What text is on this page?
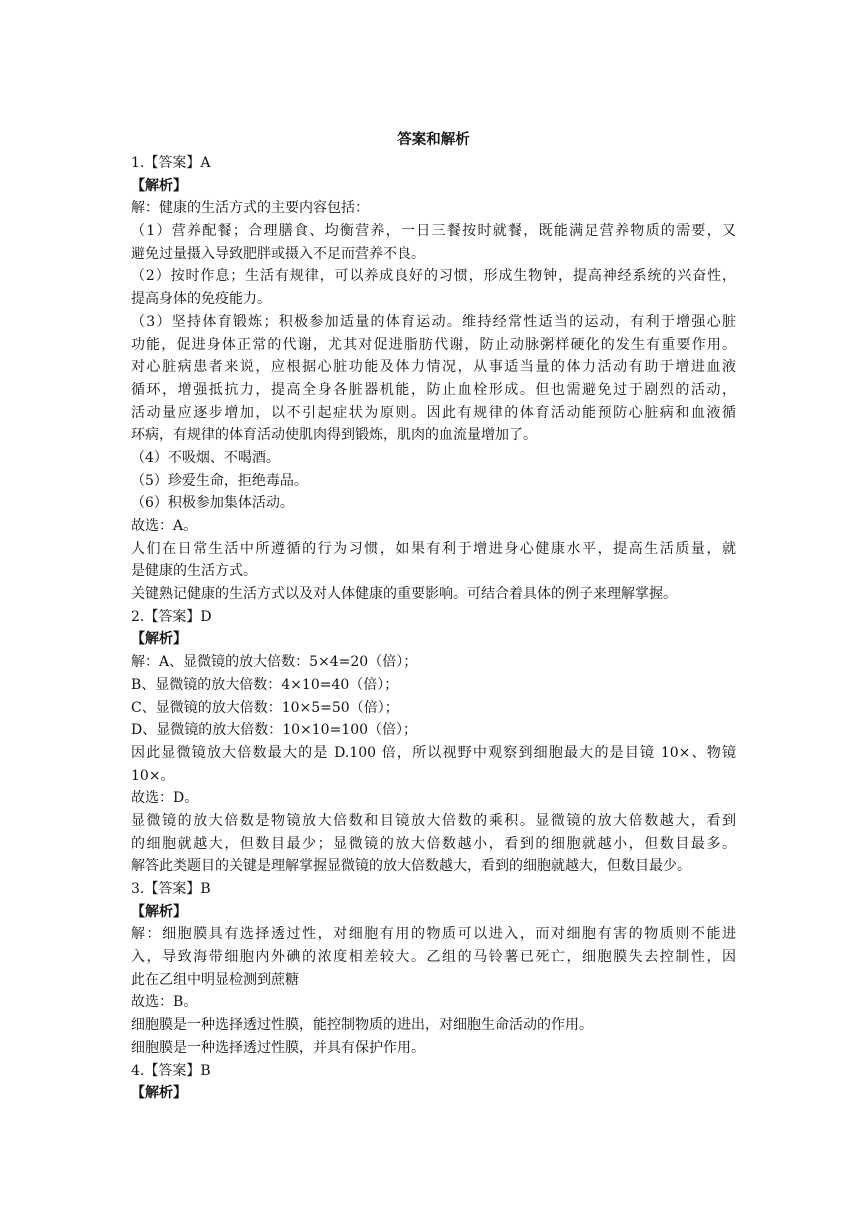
答案和解析
1.【答案】A
【解析】
解：健康的生活方式的主要内容包括：
（1）营养配餐；合理膳食、均衡营养，一日三餐按时就餐，既能满足营养物质的需要，又
避免过量摄入导致肥胖或摄入不足而营养不良。
（2）按时作息；生活有规律，可以养成良好的习惯，形成生物钟，提高神经系统的兴奋性，
提高身体的免疫能力。
（3）坚持体育锻炼；积极参加适量的体育运动。维持经常性适当的运动，有利于增强心脏
功能，促进身体正常的代谢，尤其对促进脂肪代谢，防止动脉粥样硬化的发生有重要作用。
对心脏病患者来说，应根据心脏功能及体力情况，从事适当量的体力活动有助于增进血液
循环，增强抵抗力，提高全身各脏器机能，防止血栓形成。但也需避免过于剧烈的活动，
活动量应逐步增加，以不引起症状为原则。因此有规律的体育活动能预防心脏病和血液循
环病，有规律的体育活动使肌肉得到锻炼，肌肉的血流量增加了。
（4）不吸烟、不喝酒。
（5）珍爱生命，拒绝毒品。
（6）积极参加集体活动。
故选：A。
人们在日常生活中所遵循的行为习惯，如果有利于增进身心健康水平，提高生活质量，就
是健康的生活方式。
关键熟记健康的生活方式以及对人体健康的重要影响。可结合着具体的例子来理解掌握。
2.【答案】D
【解析】
解：A、显微镜的放大倍数：5×4=20（倍）；
B、显微镜的放大倍数：4×10=40（倍）；
C、显微镜的放大倍数：10×5=50（倍）；
D、显微镜的放大倍数：10×10=100（倍）；
因此显微镜放大倍数最大的是 D.100 倍，所以视野中观察到细胞最大的是目镜 10×、物镜
10×。
故选：D。
显微镜的放大倍数是物镜放大倍数和目镜放大倍数的乘积。显微镜的放大倍数越大，看到
的细胞就越大，但数目最少；显微镜的放大倍数越小，看到的细胞就越小，但数目最多。
解答此类题目的关键是理解掌握显微镜的放大倍数越大，看到的细胞就越大，但数目最少。
3.【答案】B
【解析】
解：细胞膜具有选择透过性，对细胞有用的物质可以进入，而对细胞有害的物质则不能进
入，导致海带细胞内外碘的浓度相差较大。乙组的马铃薯已死亡，细胞膜失去控制性，因
此在乙组中明显检测到蔗糖
故选：B。
细胞膜是一种选择透过性膜，能控制物质的进出，对细胞生命活动的作用。
细胞膜是一种选择透过性膜，并具有保护作用。
4.【答案】B
【解析】
